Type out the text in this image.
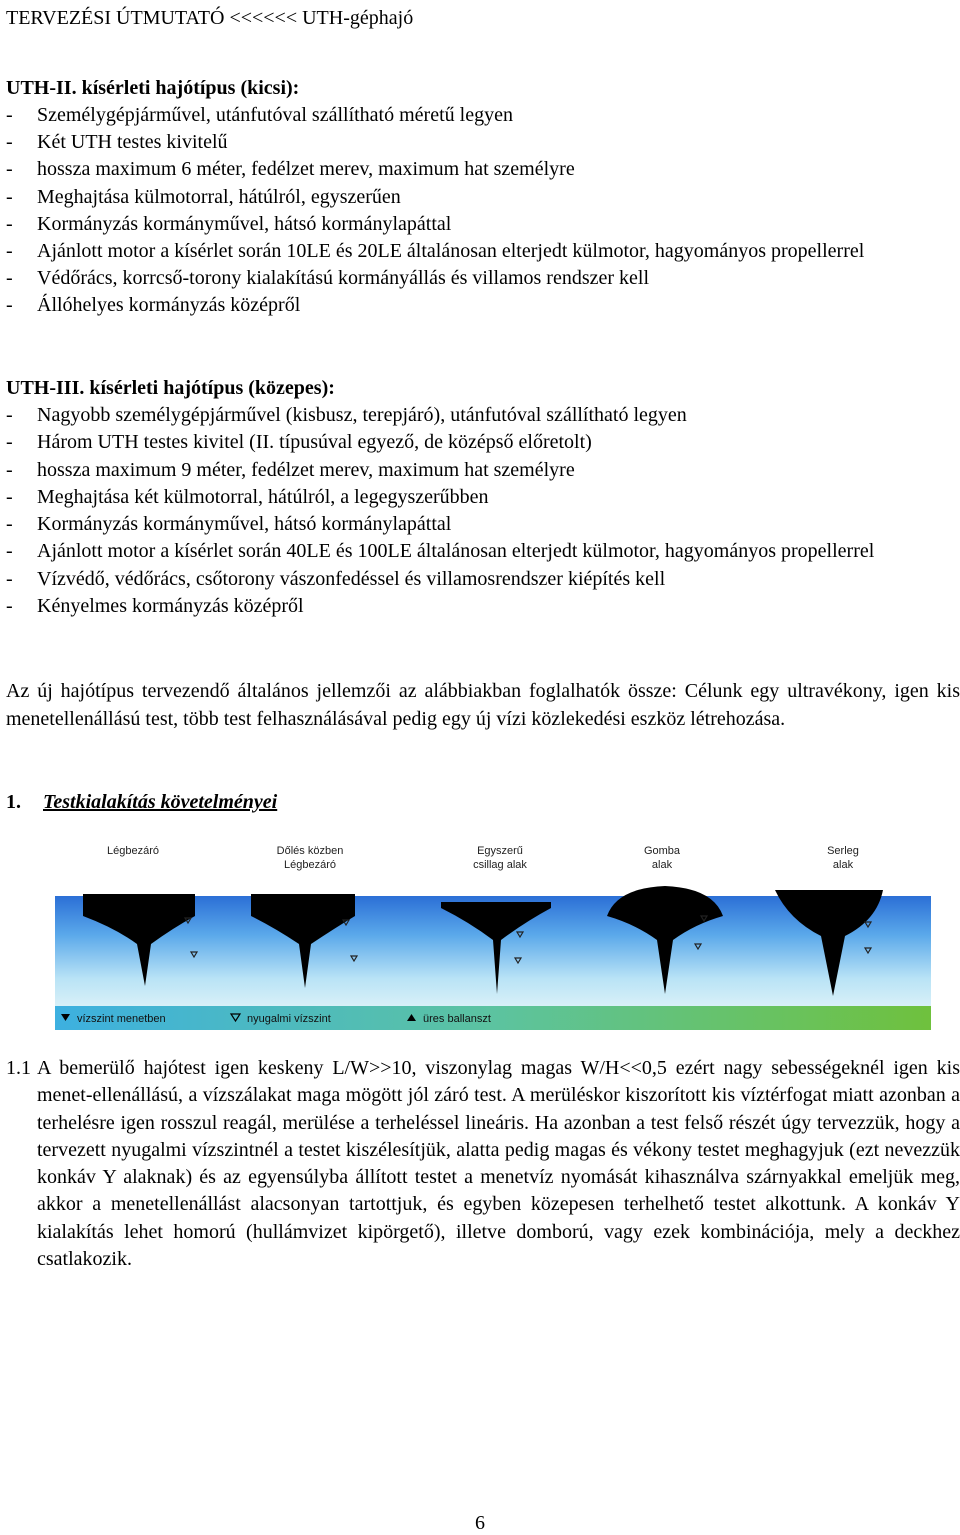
TERVEZÉSI ÚTMUTATÓ <<<<<< UTH-géphajó
UTH-II. kísérleti hajótípus (kicsi):
- Személygépjárművel, utánfutóval szállítható méretű legyen
- Két UTH testes kivitelű
- hossza maximum 6 méter, fedélzet merev, maximum hat személyre
- Meghajtása külmotorral, hátúlról, egyszerűen
- Kormányzás kormányművel, hátsó kormánylapáttal
- Ajánlott motor a kísérlet során 10LE és 20LE általánosan elterjedt külmotor, hagyományos propellerrel
- Védőrács, korrcső-torony kialakítású kormányállás és villamos rendszer kell
- Állóhelyes kormányzás középről
UTH-III. kísérleti hajótípus (közepes):
- Nagyobb személygépjárművel (kisbusz, terepjáró), utánfutóval szállítható legyen
- Három UTH testes kivitel (II. típusúval egyező, de középső előretolt)
- hossza maximum 9 méter, fedélzet merev, maximum hat személyre
- Meghajtása két külmotorral, hátúlról, a legegyszerűbben
- Kormányzás kormányművel, hátsó kormánylapáttal
- Ajánlott motor a kísérlet során 40LE és 100LE általánosan elterjedt külmotor, hagyományos propellerrel
- Vízvédő, védőrács, csőtorony vászonfedéssel és villamosrendszer kiépítés kell
- Kényelmes kormányzás középről
Az új hajótípus tervezendő általános jellemzői az alábbiakban foglalhatók össze: Célunk egy ultravékony, igen kis menetellenállású test, több test felhasználásával pedig egy új vízi közlekedési eszköz létrehozása.
1. Testkialakítás követelményei
Légbezáró	Dőlés közben
Légbezáró
Egyszerű
csillag alak
Gomba
alak
Serleg
alak
vízszint menetben	nyugalmi vízszint	üres ballanszt
1.1 A bemerülő hajótest igen keskeny L/W>>10, viszonylag magas W/H<<0,5 ezért nagy sebességeknél igen kis menet-ellenállású, a vízszálakat maga mögött jól záró test. A merüléskor kiszorított kis víztérfogat miatt azonban a terhelésre igen rosszul reagál, merülése a terheléssel lineáris. Ha azonban a test felső részét úgy tervezzük, hogy a tervezett nyugalmi vízszintnél a testet kiszélesítjük, alatta pedig magas és vékony testet meghagyjuk (ezt nevezzük konkáv Y alaknak) és az egyensúlyba állított testet a menetvíz nyomását kihasználva szárnyakkal emeljük meg, akkor a menetellenállást alacsonyan tartottjuk, és egyben közepesen terhelhető testet alkottunk. A konkáv Y kialakítás lehet homorú (hullámvizet kipörgető), illetve domború, vagy ezek kombinációja, mely a deckhez csatlakozik.
6
